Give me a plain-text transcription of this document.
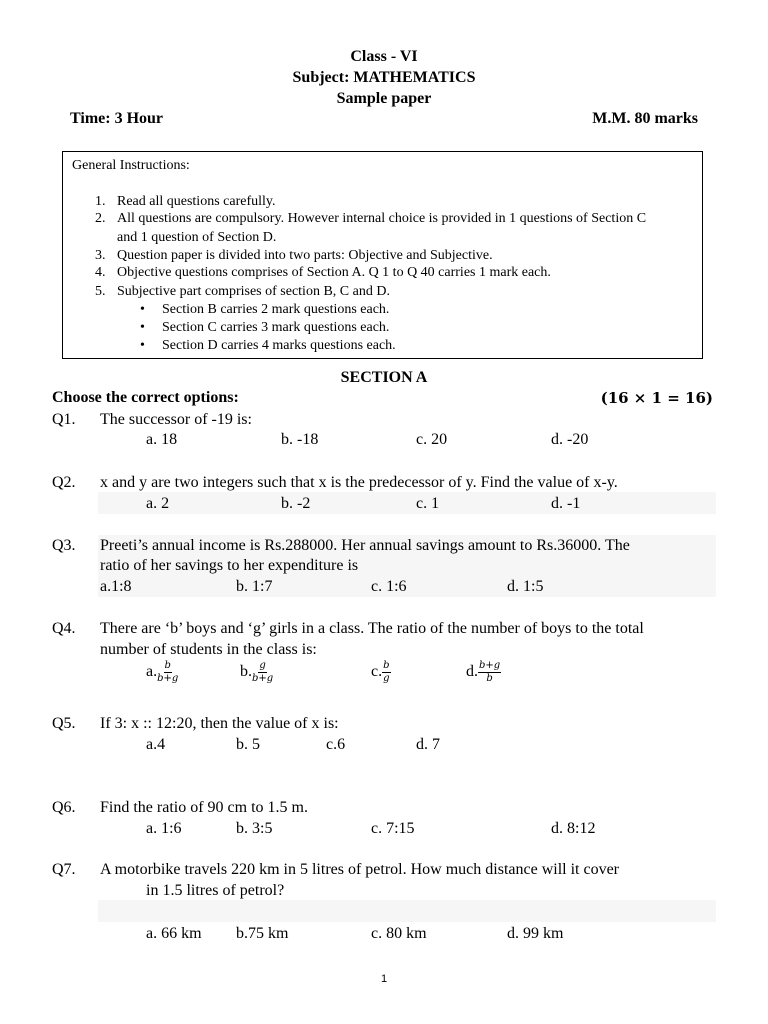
Class - VI
Subject: MATHEMATICS
Sample paper
Time: 3 Hour	M.M. 80 marks
General Instructions:
1. Read all questions carefully.
2. All questions are compulsory. However internal choice is provided in 1 questions of Section C
and 1 question of Section D.
3. Question paper is divided into two parts: Objective and Subjective.
4. Objective questions comprises of Section A. Q 1 to Q 40 carries 1 mark each.
5. Subjective part comprises of section B, C and D.
• Section B carries 2 mark questions each.
• Section C carries 3 mark questions each.
• Section D carries 4 marks questions each.
SECTION A
Choose the correct options:	(16 × 1 = 16)
Q1. The successor of -19 is:
a. 18	b. -18	c. 20	d. -20
Q2. x and y are two integers such that x is the predecessor of y. Find the value of x-y.
a. 2	b. -2	c. 1	d. -1
Q3. Preeti’s annual income is Rs.288000. Her annual savings amount to Rs.36000. The
ratio of her savings to her expenditure is
a.1:8	b. 1:7	c. 1:6	d. 1:5
Q4. There are ‘b’ boys and ‘g’ girls in a class. The ratio of the number of boys to the total
number of students in the class is:
a. $\frac{b}{b+g}$	b. $\frac{g}{b+g}$	c. $\frac{b}{g}$	d. $\frac{b+g}{b}$
Q5. If 3: x :: 12:20, then the value of x is:
a.4	b. 5	c.6	d. 7
Q6. Find the ratio of 90 cm to 1.5 m.
a. 1:6	b. 3:5	c. 7:15	d. 8:12
Q7. A motorbike travels 220 km in 5 litres of petrol. How much distance will it cover
in 1.5 litres of petrol?
a. 66 km b.75 km	c. 80 km	d. 99 km
1
